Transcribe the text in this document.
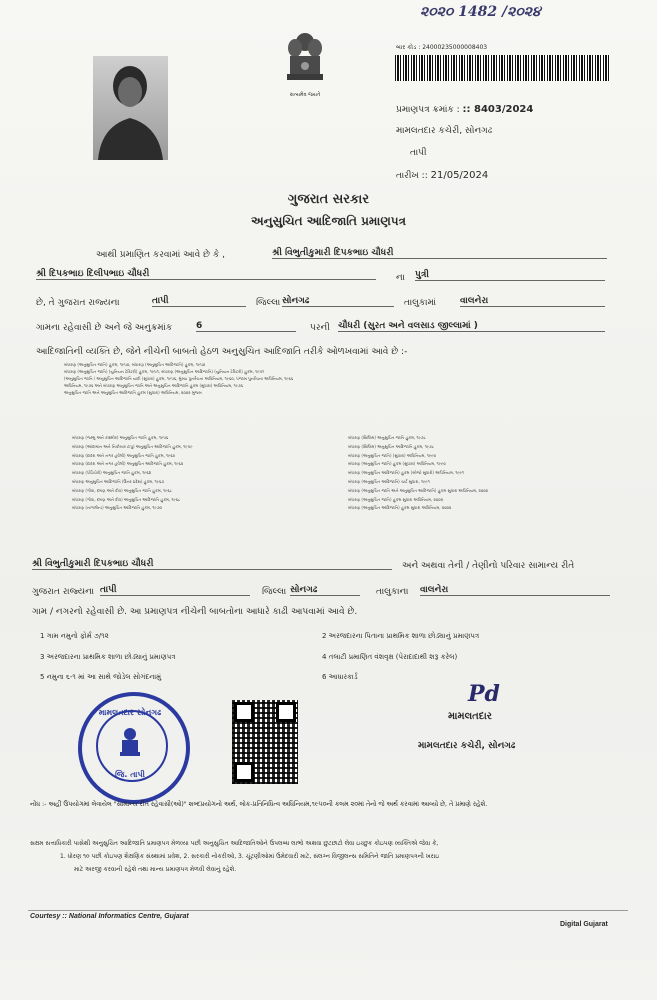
૨૦૨૦ 1482 /૨૦૨૪
સત્યમેવ જયતે
બાર કોડ : 24000235000008403
પ્રમાણપત્ર ક્રમાંક : :: 8403/2024
મામલતદાર કચેરી, સોનગઢ
તાપી
તારીખ :: 21/05/2024
ગુજરાત સરકાર
અનુસુચિત આદિજાતિ પ્રમાણપત્ર
આથી પ્રમાણિત કરવામાં આવે છે કે ,	શ્રી વિભુતીકુમારી દિપકભાઇ ચૌધરી
શ્રી દિપકભાઇ દિલીપભાઇ ચૌધરી	ના પુત્રી
છે, તે ગુજરાત રાજ્યના	તાપી	જિલ્લા સોનગઢ	તાલુકામાં	વાલનેરા
ગામના રહેવાસી છે અને જે અનુક્રમાંક	6	પરની ચૌધરી (સુરત અને વલસાડ જીલ્લામાં )
આદિજાતિની વ્યક્તિ છે, જેને નીચેની બાબતો હેઠળ અનુસુચિત આદિજાતિ તરીકે ઓળખવામાં આવે છે :-
બંધારણ (અનુસુચિત જાતિ) હુકમ, ૧૯૫૦, બંધારણ (અનુસુચિત આદિજાતિ) હુકમ, ૧૯૫૦
બંધારણ (અનુસુચિત જાતિ) (યુનિયન ટેરિટરી) હુકમ, ૧૯૫૧, બંધારણ (અનુસુચિત આદિજાતિ) (યુનિયન ટેરિટરી) હુકમ, ૧૯૫૧
(અનુસુચિત જાતિ / અનુસુચિત આદિજાતિ યાદી (સુધારા) હુકમ, ૧૯૫૬, મુંબઇ પુનર્રચના અધિનિયમ, ૧૯૬૦, પંજાબ પુનર્રચના અધિનિયમ, ૧૯૬૬
અધિનિયમ, ૧૯૭૬ અને બંધારણ અનુસુચિત જાતિ અને અનુસુચિત આદિજાતિ હુકમ (સુધારા) અધિનિયમ, ૧૯૭૬
અનુસુચિત જાતિ અને અનુસુચિત આદિજાતિ હુકમ (સુધારા) અધિનિયમ, ૨૦૦૨ મુજબ
બંધારણ (જમ્મુ અને કાશ્મીર) અનુસુચિત જાતિ હુકમ, ૧૯૫૬
બંધારણ (આંદામાન અને નિકોબાર ટાપુ) અનુસુચિત આદિજાતિ હુકમ, ૧૯૫૯
બંધારણ (દાદરા અને નગર હવેલી) અનુસુચિત જાતિ હુકમ, ૧૯૬૨
બંધારણ (દાદરા અને નગર હવેલી) અનુસુચિત આદિજાતિ હુકમ, ૧૯૬૨
બંધારણ (પોંડિચેરી) અનુસુચિત જાતિ હુકમ, ૧૯૬૪
બંધારણ અનુસુચિત આદિજાતિ (ઉત્તર પ્રદેશ) હુકમ, ૧૯૬૭
બંધારણ (ગોવા, દમણ અને દીવ) અનુસુચિત જાતિ હુકમ, ૧૯૬૮
બંધારણ (ગોવા, દમણ અને દીવ) અનુસુચિત આદિજાતિ હુકમ, ૧૯૬૮
બંધારણ (નાગાલેન્ડ) અનુસુચિત આદિજાતિ હુકમ, ૧૯૭૦
બંધારણ (સિક્કિમ) અનુસુચિત જાતિ હુકમ, ૧૯૭૮
બંધારણ (સિક્કિમ) અનુસુચિત આદિજાતિ હુકમ, ૧૯૭૮
બંધારણ (અનુસુચિત જાતિ) (સુધારા) અધિનિયમ, ૧૯૯૦
બંધારણ (અનુસુચિત જાતિ) હુકમ (સુધારા) અધિનિયમ, ૧૯૯૦
બંધારણ (અનુસુચિત આદિજાતિ) હુકમ (બીજો સુધારો) અધિનિયમ, ૧૯૯૧
બંધારણ (અનુસુચિત આદિજાતિ) ચાર્ટ સુધારા, ૧૯૯૧
બંધારણ (અનુસુચિત જાતિ અને અનુસુચિત આદિજાતિ) હુકમ સુધારા અધિનિયમ, ૨૦૦૨
બંધારણ (અનુસુચિત જાતિ) હુકમ સુધારા અધિનિયમ, ૨૦૦૨
બંધારણ (અનુસુચિત આદિજાતિ) હુકમ સુધારા અધિનિયમ, ૨૦૦૨
શ્રી વિભુતીકુમારી દિપકભાઇ ચૌધરી	અને અથવા તેની / તેણીનો પરિવાર સામાન્ય રીતે
ગુજરાત રાજ્યના તાપી	જિલ્લા સોનગઢ	તાલુકાના વાલનેરા
ગામ / નગરનો રહેવાસી છે. આ પ્રમાણપત્ર નીચેની બાબતોના આધારે કાઢી આપવામાં આવે છે.
1 ગામ નમુનો ફોર્મ ૭/૧૨	2 અરજદારના પિતાના પ્રાથમિક શાળા છોડ્યાનું પ્રમાણપત્ર
3 અરજદારના પ્રાથમિક શાળા છોડ્યાનું પ્રમાણપત્ર	4 તલાટી પ્રમાણિત વંશવૃક્ષ (પેરાદાદાથી શરૂ કરેલ)
5 નમુના ૬-૧ માં આ સાથે જોડેલ સોગંદનામું	6 આધારકાર્ડ
મામલતદાર સોનગઢ
જિ. તાપી
Pd
મામલતદાર
મામલતદાર કચેરી, સોનગઢ
નોંધ :- અહીં ઉપયોગમાં લેવાયેલ "સામાન્ય રીતે રહેવાસી(ઓ)" શબ્દપ્રયોગનો અર્થ, લોક-પ્રતિનિધિત્વ અધિનિયમ,૧૯૫૦ની કલમ ૨૦માં તેનો જે અર્થ કરવામાં આવ્યો છે, તે પ્રમાણે રહેશે.
સક્ષમ સત્તાધિકારી પાસેથી અનુસુચિત આદિજાતિ પ્રમાણપત્ર મેળવ્યા પછી અનુસુચિત આદિજાતિઓને ઉપલબ્ધ લાભો અથવા છુટછાટો લેવા ઇચ્છુક કોઇપણ વ્યક્તિએ જેવા કે,
1. ધોરણ ૧૦ પછી કોઇપણ શૈક્ષણિક સંસ્થામાં પ્રવેશ, 2. સરકારી નોકરીઓ, 3. ચૂંટણીઓમાં ઉમેદવારી માટે, સંલગ્ન વિજીલન્સ સમિતિને જાતિ પ્રમાણપત્રની ખરાઇ
માટે અરજી કરવાની રહેશે તથા માન્ય પ્રમાણપત્ર મેળવી લેવાનું રહેશે.
Courtesy :: National Informatics Centre, Gujarat
Digital Gujarat
